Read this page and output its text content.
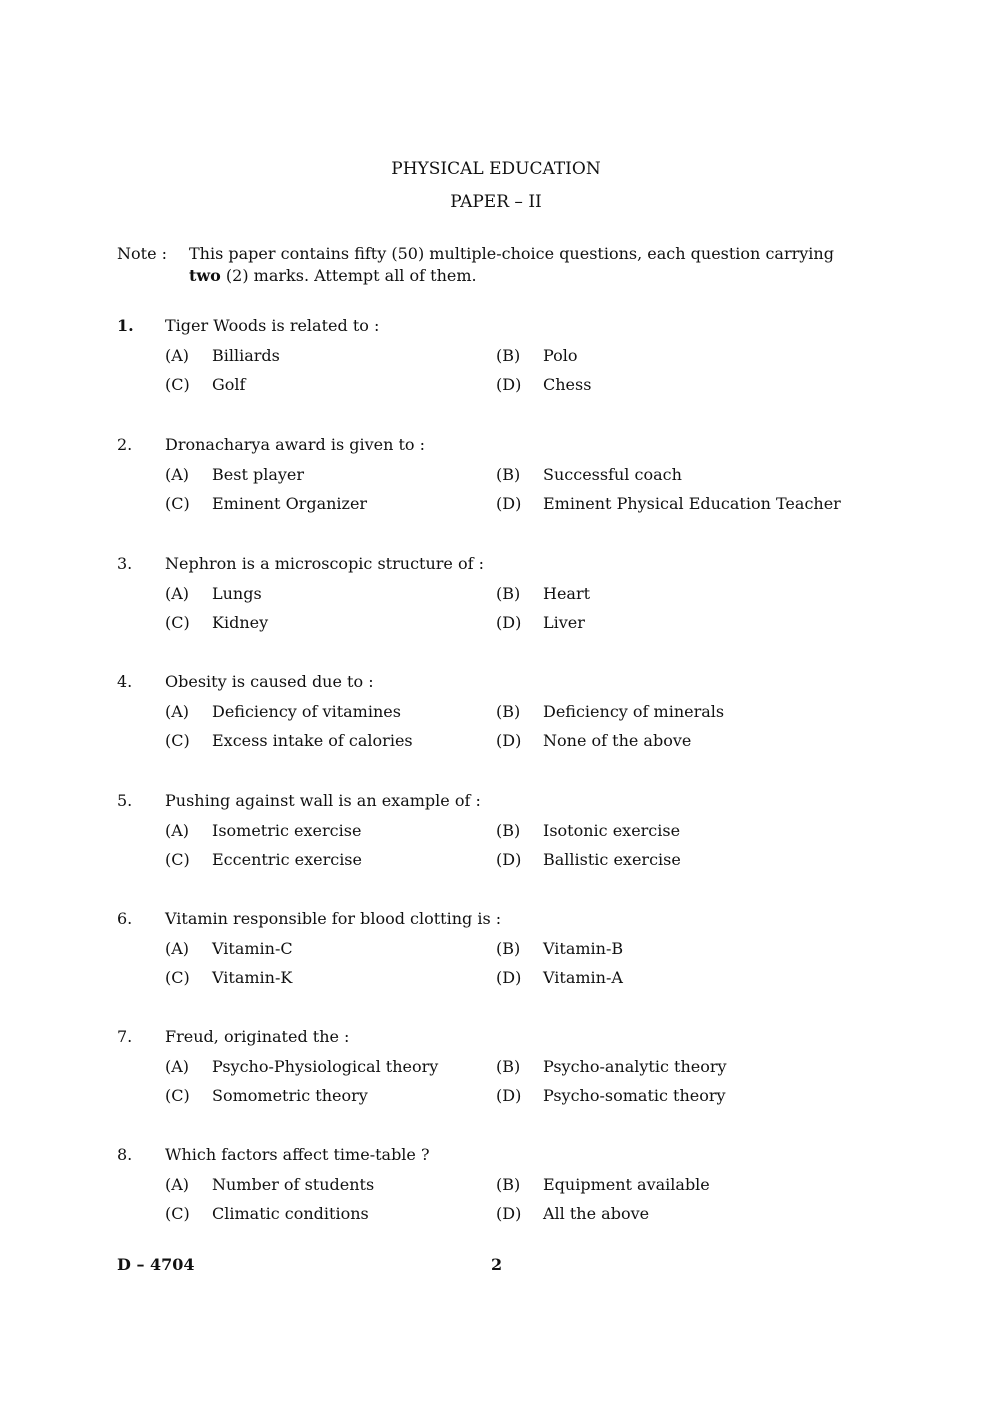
PHYSICAL EDUCATION
PAPER – II
Note : This paper contains fifty (50) multiple-choice questions, each question carrying
two (2) marks. Attempt all of them.
1. Tiger Woods is related to :
(A) Billiards	(B) Polo
(C) Golf	(D) Chess
2. Dronacharya award is given to :
(A) Best player	(B) Successful coach
(C) Eminent Organizer	(D) Eminent Physical Education Teacher
3. Nephron is a microscopic structure of :
(A) Lungs	(B) Heart
(C) Kidney	(D) Liver
4. Obesity is caused due to :
(A) Deficiency of vitamines	(B) Deficiency of minerals
(C) Excess intake of calories	(D) None of the above
5. Pushing against wall is an example of :
(A) Isometric exercise	(B) Isotonic exercise
(C) Eccentric exercise	(D) Ballistic exercise
6. Vitamin responsible for blood clotting is :
(A) Vitamin-C	(B) Vitamin-B
(C) Vitamin-K	(D) Vitamin-A
7. Freud, originated the :
(A) Psycho-Physiological theory	(B) Psycho-analytic theory
(C) Somometric theory	(D) Psycho-somatic theory
8. Which factors affect time-table ?
(A) Number of students	(B) Equipment available
(C) Climatic conditions	(D) All the above
D – 4704	2
